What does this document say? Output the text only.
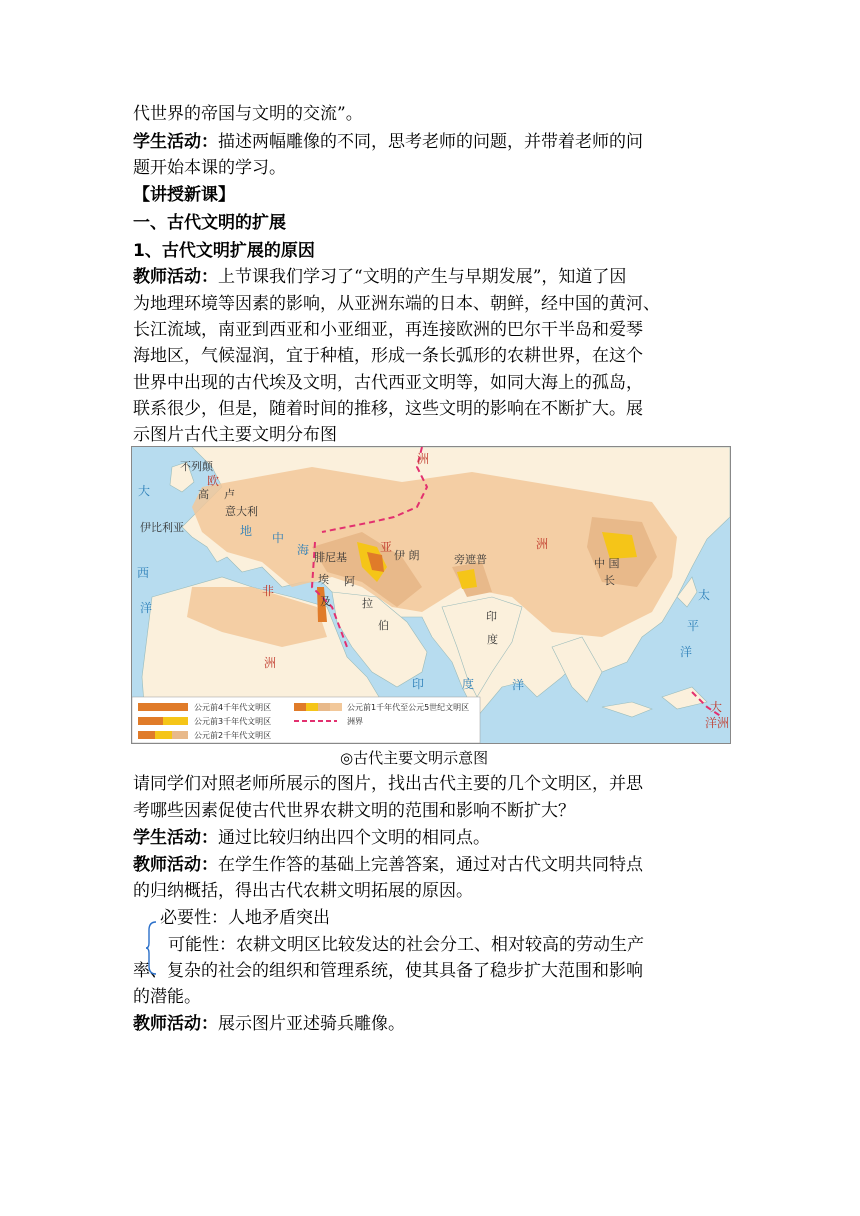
代世界的帝国与文明的交流”。
学生活动：描述两幅雕像的不同，思考老师的问题，并带着老师的问
题开始本课的学习。
【讲授新课】
一、古代文明的扩展
1、古代文明扩展的原因
教师活动：上节课我们学习了“文明的产生与早期发展”，知道了因
为地理环境等因素的影响，从亚洲东端的日本、朝鲜，经中国的黄河、
长江流域，南亚到西亚和小亚细亚，再连接欧洲的巴尔干半岛和爱琴
海地区，气候湿润，宜于种植，形成一条长弧形的农耕世界，在这个
世界中出现的古代埃及文明，古代西亚文明等，如同大海上的孤岛，
联系很少，但是，随着时间的推移，这些文明的影响在不断扩大。展
示图片古代主要文明分布图
不列颠
欧
高 卢
意大利
伊比利亚
大
西
洋
地 中
海
腓尼基
亚
伊 朗	旁遮普
洲
中 国
长
埃
及
阿
拉
伯
印
度
非
洲
印	度	洋
太
平
洋
大
洋洲
洲
公元前4千年代文明区
公元前3千年代文明区
公元前2千年代文明区
公元前1千年代至公元5世纪文明区
洲界
◎古代主要文明示意图
请同学们对照老师所展示的图片，找出古代主要的几个文明区，并思
考哪些因素促使古代世界农耕文明的范围和影响不断扩大？
学生活动：通过比较归纳出四个文明的相同点。
教师活动：在学生作答的基础上完善答案，通过对古代文明共同特点
的归纳概括，得出古代农耕文明拓展的原因。
必要性：人地矛盾突出
可能性：农耕文明区比较发达的社会分工、相对较高的劳动生产
率、复杂的社会的组织和管理系统，使其具备了稳步扩大范围和影响
的潜能。
教师活动：展示图片亚述骑兵雕像。
